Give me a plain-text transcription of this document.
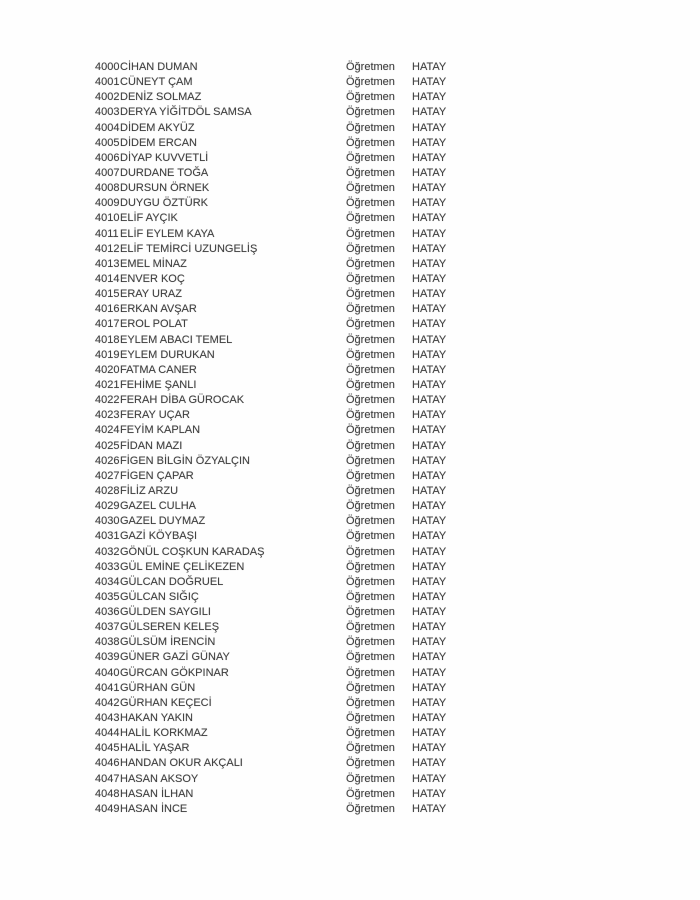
4000 CİHAN DUMAN	Öğretmen	HATAY
4001 CÜNEYT ÇAM	Öğretmen	HATAY
4002 DENİZ SOLMAZ	Öğretmen	HATAY
4003 DERYA YİĞİTDÖL SAMSA	Öğretmen	HATAY
4004 DİDEM AKYÜZ	Öğretmen	HATAY
4005 DİDEM ERCAN	Öğretmen	HATAY
4006 DİYAP KUVVETLİ	Öğretmen	HATAY
4007 DURDANE TOĞA	Öğretmen	HATAY
4008 DURSUN ÖRNEK	Öğretmen	HATAY
4009 DUYGU ÖZTÜRK	Öğretmen	HATAY
4010 ELİF AYÇIK	Öğretmen	HATAY
4011 ELİF EYLEM KAYA	Öğretmen	HATAY
4012 ELİF TEMİRCİ UZUNGELİŞ	Öğretmen	HATAY
4013 EMEL MİNAZ	Öğretmen	HATAY
4014 ENVER KOÇ	Öğretmen	HATAY
4015 ERAY URAZ	Öğretmen	HATAY
4016 ERKAN AVŞAR	Öğretmen	HATAY
4017 EROL POLAT	Öğretmen	HATAY
4018 EYLEM ABACI TEMEL	Öğretmen	HATAY
4019 EYLEM DURUKAN	Öğretmen	HATAY
4020 FATMA CANER	Öğretmen	HATAY
4021 FEHİME ŞANLI	Öğretmen	HATAY
4022 FERAH DİBA GÜROCAK	Öğretmen	HATAY
4023 FERAY UÇAR	Öğretmen	HATAY
4024 FEYİM KAPLAN	Öğretmen	HATAY
4025 FİDAN MAZI	Öğretmen	HATAY
4026 FİGEN BİLGİN ÖZYALÇIN	Öğretmen	HATAY
4027 FİGEN ÇAPAR	Öğretmen	HATAY
4028 FİLİZ ARZU	Öğretmen	HATAY
4029 GAZEL CULHA	Öğretmen	HATAY
4030 GAZEL DUYMAZ	Öğretmen	HATAY
4031 GAZİ KÖYBAŞI	Öğretmen	HATAY
4032 GÖNÜL COŞKUN KARADAŞ	Öğretmen	HATAY
4033 GÜL EMİNE ÇELİKEZEN	Öğretmen	HATAY
4034 GÜLCAN DOĞRUEL	Öğretmen	HATAY
4035 GÜLCAN SIĞIÇ	Öğretmen	HATAY
4036 GÜLDEN SAYGILI	Öğretmen	HATAY
4037 GÜLSEREN KELEŞ	Öğretmen	HATAY
4038 GÜLSÜM İRENCİN	Öğretmen	HATAY
4039 GÜNER GAZİ GÜNAY	Öğretmen	HATAY
4040 GÜRCAN GÖKPINAR	Öğretmen	HATAY
4041 GÜRHAN GÜN	Öğretmen	HATAY
4042 GÜRHAN KEÇECİ	Öğretmen	HATAY
4043 HAKAN YAKIN	Öğretmen	HATAY
4044 HALİL KORKMAZ	Öğretmen	HATAY
4045 HALİL YAŞAR	Öğretmen	HATAY
4046 HANDAN OKUR AKÇALI	Öğretmen	HATAY
4047 HASAN AKSOY	Öğretmen	HATAY
4048 HASAN İLHAN	Öğretmen	HATAY
4049 HASAN İNCE	Öğretmen	HATAY
